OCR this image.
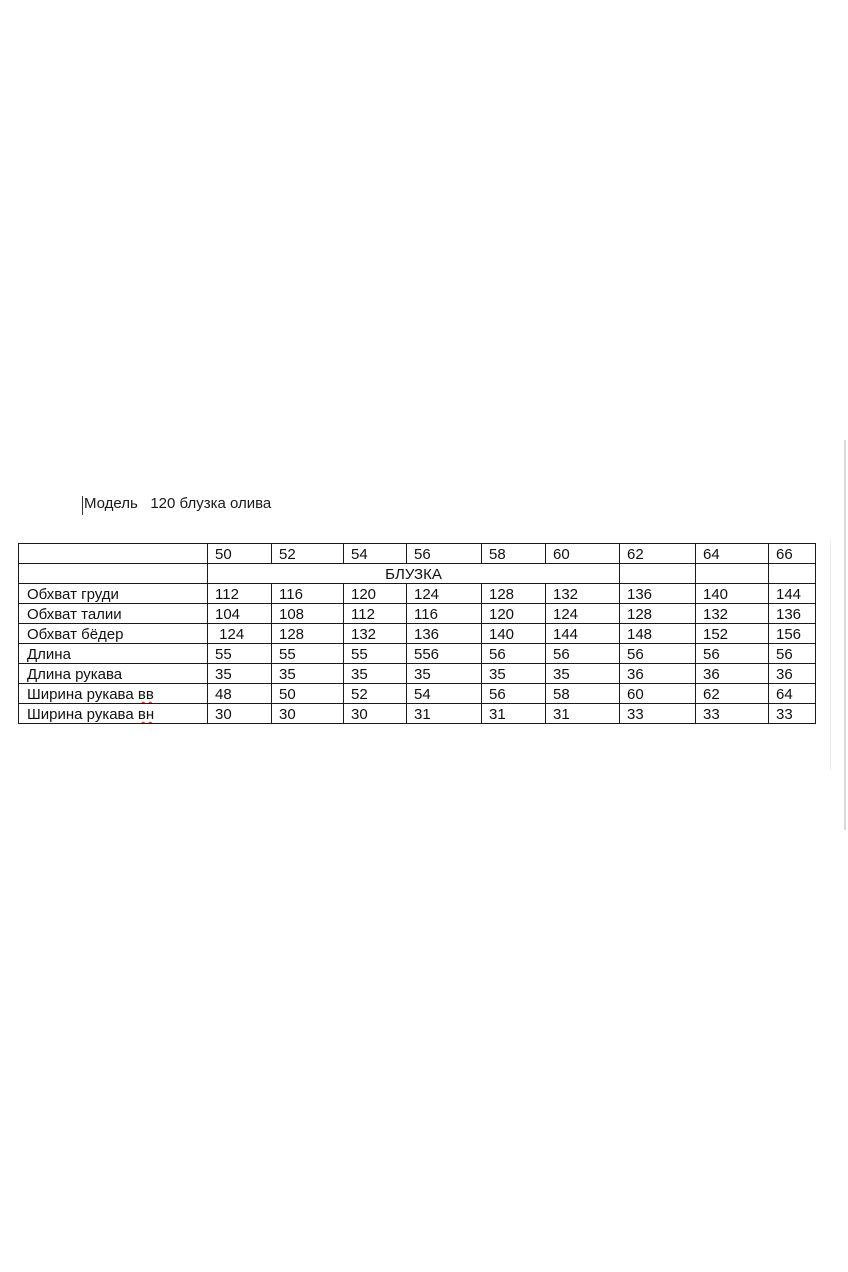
Модель   120 блузка олива
	50	52	54	56	58	60	62	64	66
	БЛУЗКА								
Обхват груди	112	116	120	124	128	132	136	140	144
Обхват талии	104	108	112	116	120	124	128	132	136
Обхват бёдер	124	128	132	136	140	144	148	152	156
Длина	55	55	55	556	56	56	56	56	56
Длина рукава	35	35	35	35	35	35	36	36	36
Ширина рукава вв	48	50	52	54	56	58	60	62	64
Ширина рукава вн	30	30	30	31	31	31	33	33	33
